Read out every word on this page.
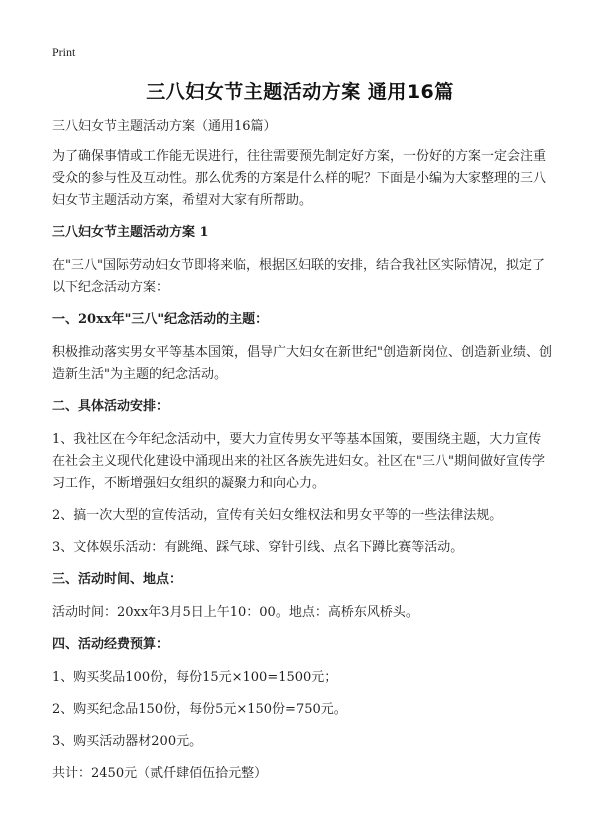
Print
三八妇女节主题活动方案 通用16篇

三八妇女节主题活动方案（通用16篇）

为了确保事情或工作能无误进行，往往需要预先制定好方案，一份好的方案一定会注重受众的参与性及互动性。那么优秀的方案是什么样的呢？下面是小编为大家整理的三八妇女节主题活动方案，希望对大家有所帮助。

三八妇女节主题活动方案 1

在"三八"国际劳动妇女节即将来临，根据区妇联的安排，结合我社区实际情况，拟定了以下纪念活动方案：

一、20xx年"三八"纪念活动的主题：

积极推动落实男女平等基本国策，倡导广大妇女在新世纪"创造新岗位、创造新业绩、创造新生活"为主题的纪念活动。

二、具体活动安排：

1、我社区在今年纪念活动中，要大力宣传男女平等基本国策，要围绕主题，大力宣传在社会主义现代化建设中涌现出来的社区各族先进妇女。社区在"三八"期间做好宣传学习工作，不断增强妇女组织的凝聚力和向心力。

2、搞一次大型的宣传活动，宣传有关妇女维权法和男女平等的一些法律法规。

3、文体娱乐活动：有跳绳、踩气球、穿针引线、点名下蹲比赛等活动。

三、活动时间、地点：

活动时间：20xx年3月5日上午10：00。地点：高桥东风桥头。

四、活动经费预算：

1、购买奖品100份，每份15元×100=1500元；

2、购买纪念品150份，每份5元×150份=750元。

3、购买活动器材200元。

共计：2450元（贰仟肆佰伍拾元整）
